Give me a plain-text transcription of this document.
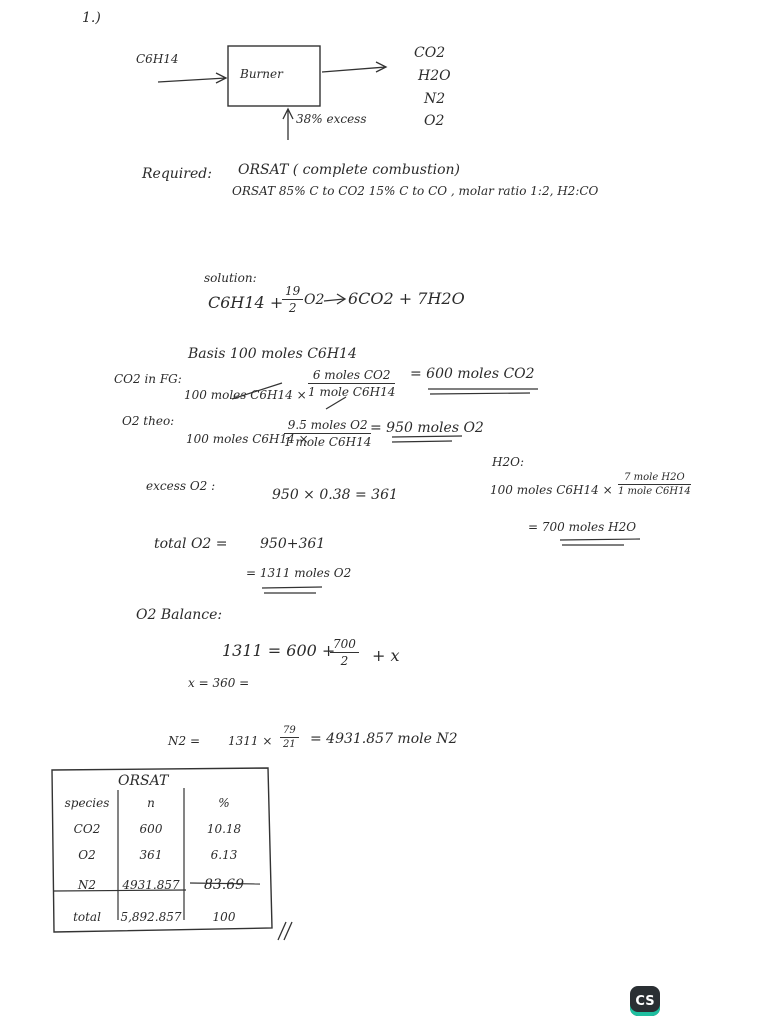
1.)
C6H14
Burner
38% excess
CO2
H2O
N2
O2
Required: ORSAT ( complete combustion)
ORSAT 85% C to CO2 15% C to CO , molar ratio 1:2, H2:CO
solution:
C6H14 +
$\frac{19}{2} O2$ 6CO2 + 7H2O
Basis 100 moles C6H14
CO2 in FG:
100 moles C6H14 ×
6 moles CO2
1 mole C6H14
= 600 moles CO2
O2 theo:
100 moles C6H14 ×
9.5 moles O2
1 mole C6H14
= 950 moles O2
H2O:
100 moles C6H14 ×
7 mole H2O
1 mole C6H14
= 700 moles H2O
excess O2 :
950 × 0.38 = 361
total O2 = 950+361
= 1311 moles O2
O2 Balance:
1311 = 600 +
$\frac{700}{2} + x$
x = 360 =
$N2 = 1311 \times \frac{79}{21} = 4931.857$ mole N2
ORSAT
species	n	%
CO2	600	10.18
O2	361	6.13
N2	4931.857	83.69
total	5,892.857	100
CS
